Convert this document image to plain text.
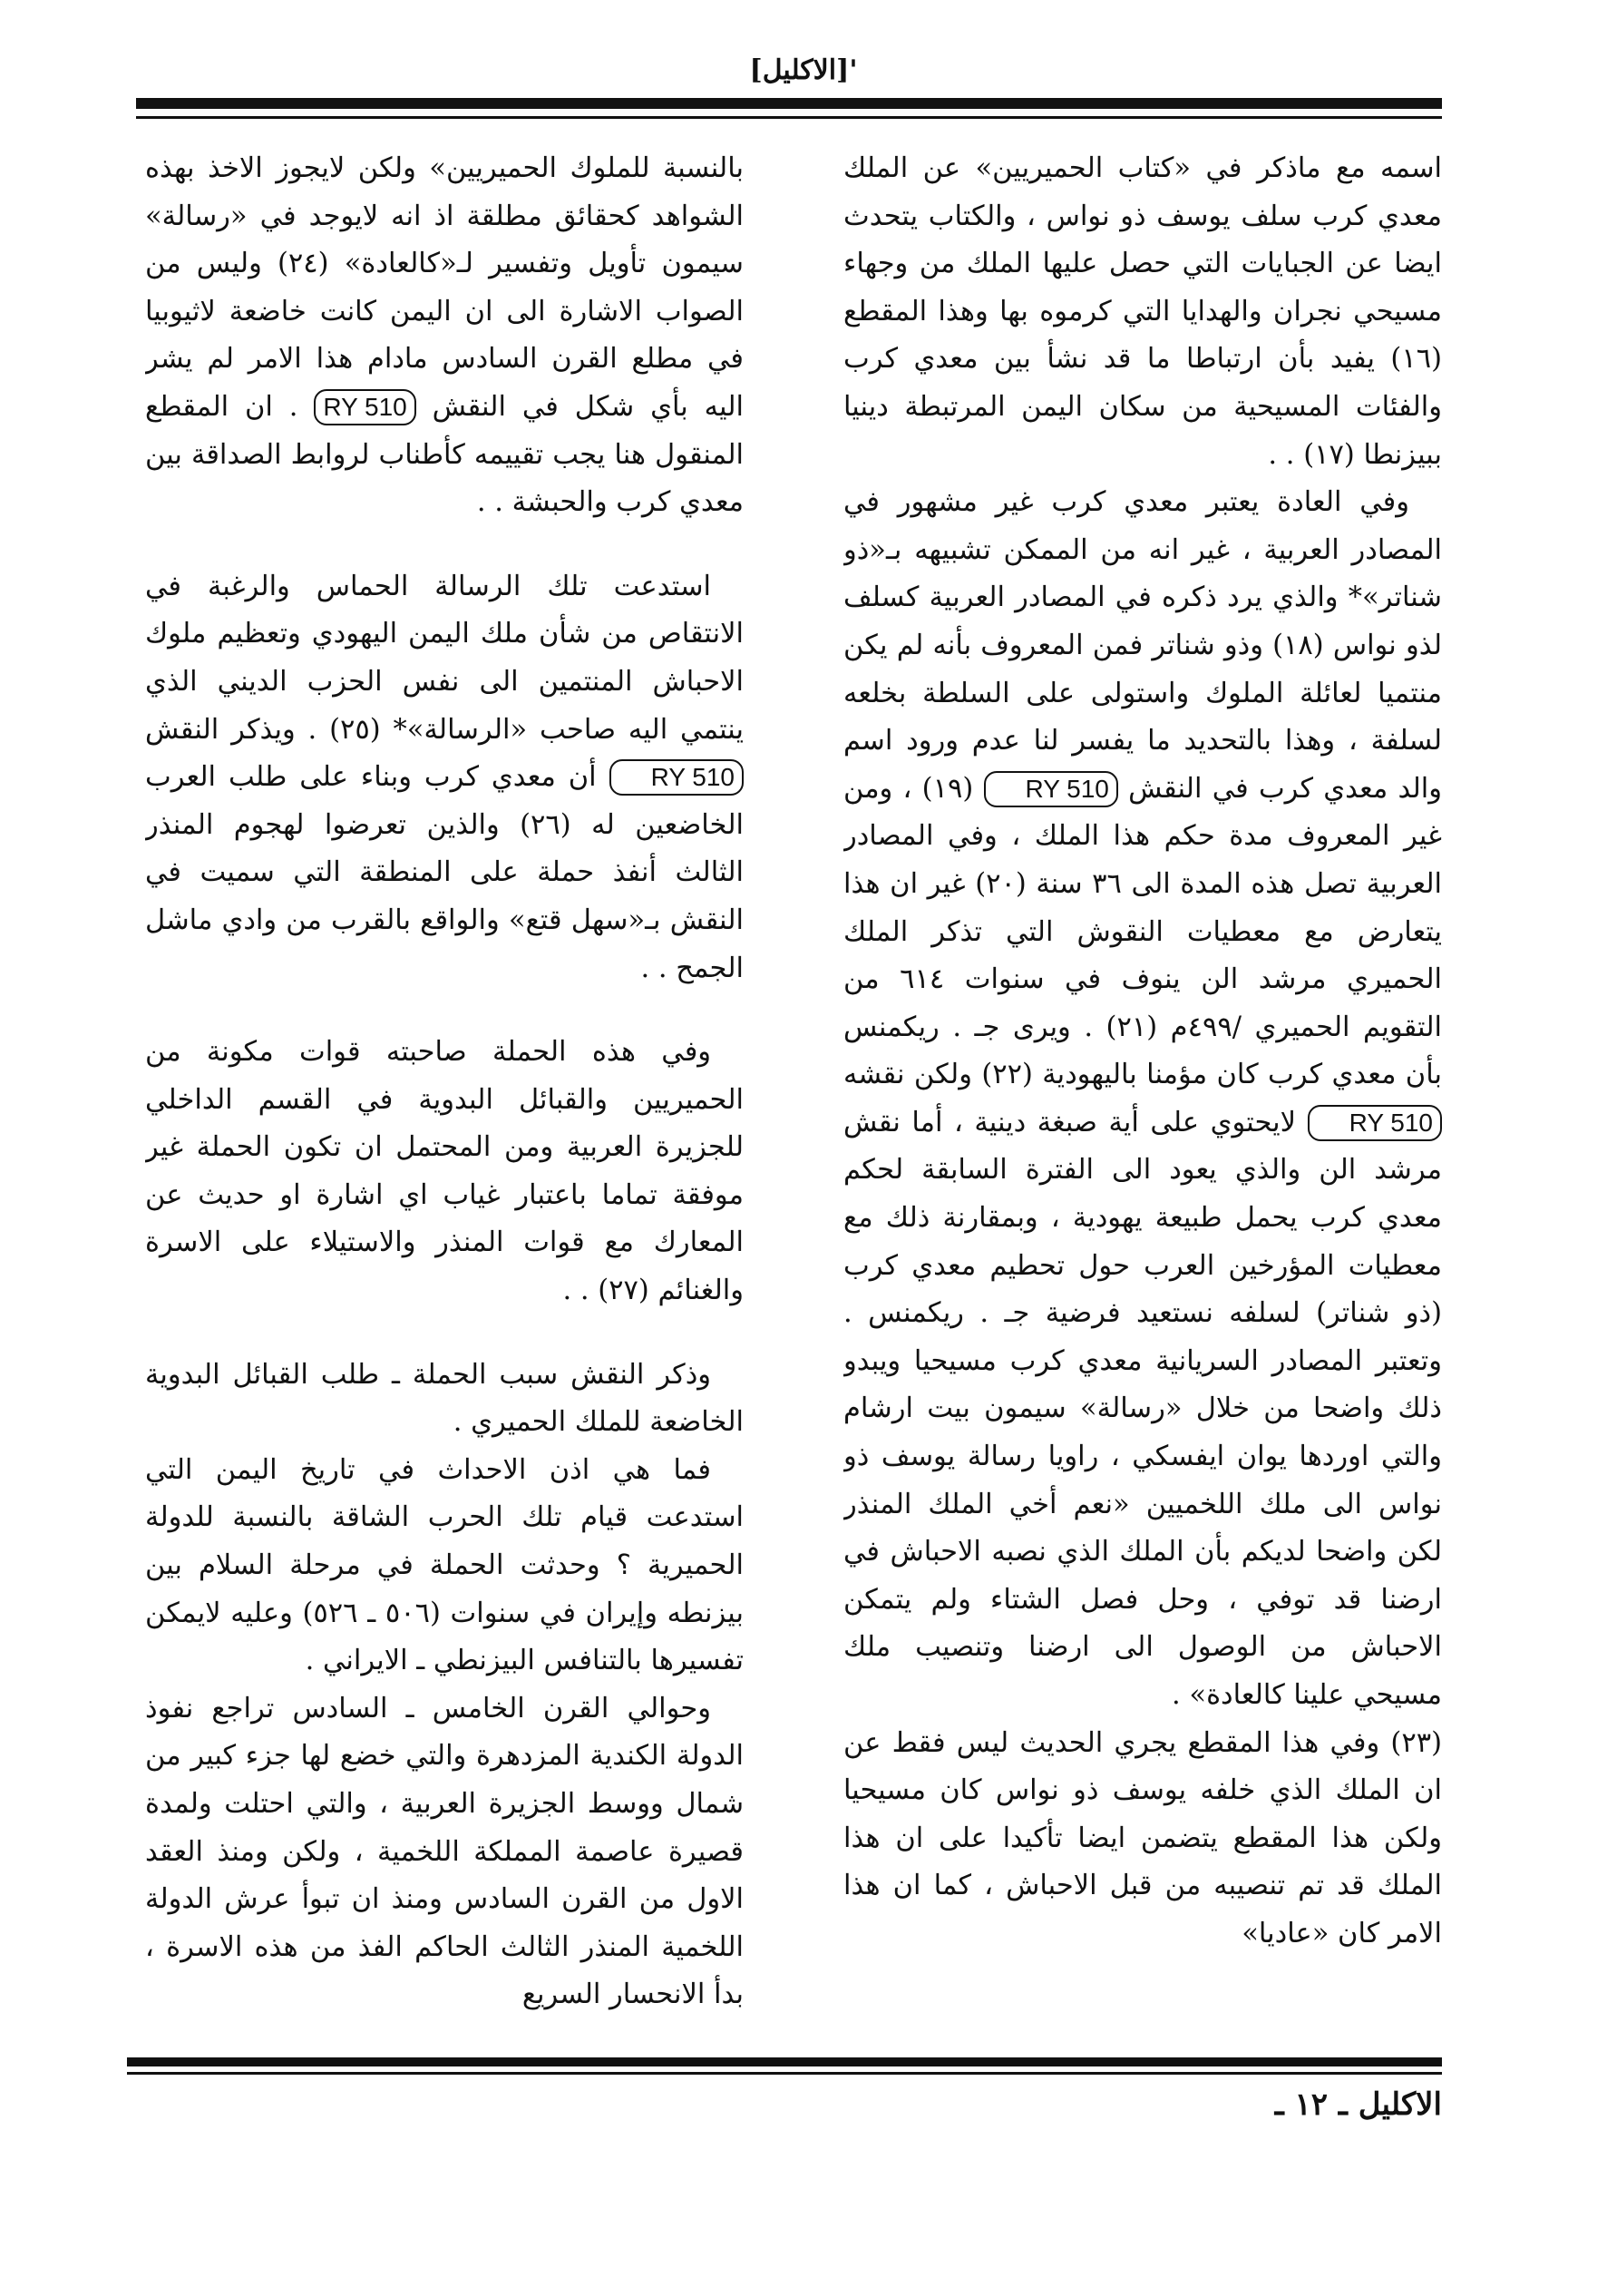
[الاكليل]'

اسمه مع ماذكر في «كتاب الحميريين» عن الملك معدي كرب سلف يوسف ذو نواس ، والكتاب يتحدث ايضا عن الجبايات التي حصل عليها الملك من وجهاء مسيحي نجران والهدايا التي كرموه بها وهذا المقطع (١٦) يفيد بأن ارتباطا ما قد نشأ بين معدي كرب والفئات المسيحية من سكان اليمن المرتبطة دينيا ببيزنطا (١٧) . .

وفي العادة يعتبر معدي كرب غير مشهور في المصادر العربية ، غير انه من الممكن تشبيهه بـ«ذو شناتر»* والذي يرد ذكره في المصادر العربية كسلف لذو نواس (١٨) وذو شناتر فمن المعروف بأنه لم يكن منتميا لعائلة الملوك واستولى على السلطة بخلعه لسلفة ، وهذا بالتحديد ما يفسر لنا عدم ورود اسم والد معدي كرب في النقش RY 510 (١٩) ، ومن غير المعروف مدة حكم هذا الملك ، وفي المصادر العربية تصل هذه المدة الى ٣٦ سنة (٢٠) غير ان هذا يتعارض مع معطيات النقوش التي تذكر الملك الحميري مرشد الن ينوف في سنوات ٦١٤ من التقويم الحميري /٤٩٩م (٢١) . ويرى جـ . ريكمنس بأن معدي كرب كان مؤمنا باليهودية (٢٢) ولكن نقشه RY 510 لايحتوي على أية صبغة دينية ، أما نقش مرشد الن والذي يعود الى الفترة السابقة لحكم معدي كرب يحمل طبيعة يهودية ، وبمقارنة ذلك مع معطيات المؤرخين العرب حول تحطيم معدي كرب (ذو شناتر) لسلفه نستعيد فرضية جـ . ريكمنس . وتعتبر المصادر السريانية معدي كرب مسيحيا ويبدو ذلك واضحا من خلال «رسالة» سيمون بيت ارشام والتي اوردها يوان ايفسكي ، راويا رسالة يوسف ذو نواس الى ملك اللخميين «نعم أخي الملك المنذر لكن واضحا لديكم بأن الملك الذي نصبه الاحباش في ارضنا قد توفي ، وحل فصل الشتاء ولم يتمكن الاحباش من الوصول الى ارضنا وتنصيب ملك مسيحي علينا كالعادة» .

(٢٣) وفي هذا المقطع يجري الحديث ليس فقط عن ان الملك الذي خلفه يوسف ذو نواس كان مسيحيا ولكن هذا المقطع يتضمن ايضا تأكيدا على ان هذا الملك قد تم تنصيبه من قبل الاحباش ، كما ان هذا الامر كان «عاديا»

بالنسبة للملوك الحميريين» ولكن لايجوز الاخذ بهذه الشواهد كحقائق مطلقة اذ انه لايوجد في «رسالة» سيمون تأويل وتفسير لـ«كالعادة» (٢٤) وليس من الصواب الاشارة الى ان اليمن كانت خاضعة لاثيوبيا في مطلع القرن السادس مادام هذا الامر لم يشر اليه بأي شكل في النقش RY 510 . ان المقطع المنقول هنا يجب تقييمه كأطناب لروابط الصداقة بين معدي كرب والحبشة . .

استدعت تلك الرسالة الحماس والرغبة في الانتقاص من شأن ملك اليمن اليهودي وتعظيم ملوك الاحباش المنتمين الى نفس الحزب الديني الذي ينتمي اليه صاحب «الرسالة»* (٢٥) . ويذكر النقش RY 510 أن معدي كرب وبناء على طلب العرب الخاضعين له (٢٦) والذين تعرضوا لهجوم المنذر الثالث أنفذ حملة على المنطقة التي سميت في النقش بـ«سهل قتع» والواقع بالقرب من وادي ماشل الجمح . .

وفي هذه الحملة صاحبته قوات مكونة من الحميريين والقبائل البدوية في القسم الداخلي للجزيرة العربية ومن المحتمل ان تكون الحملة غير موفقة تماما باعتبار غياب اي اشارة او حديث عن المعارك مع قوات المنذر والاستيلاء على الاسرة والغنائم (٢٧) . .

وذكر النقش سبب الحملة ـ طلب القبائل البدوية الخاضعة للملك الحميري .

فما هي اذن الاحداث في تاريخ اليمن التي استدعت قيام تلك الحرب الشاقة بالنسبة للدولة الحميرية ؟ وحدثت الحملة في مرحلة السلام بين بيزنطه وإيران في سنوات (٥٠٦ ـ ٥٢٦) وعليه لايمكن تفسيرها بالتنافس البيزنطي ـ الايراني .

وحوالي القرن الخامس ـ السادس تراجع نفوذ الدولة الكندية المزدهرة والتي خضع لها جزء كبير من شمال ووسط الجزيرة العربية ، والتي احتلت ولمدة قصيرة عاصمة المملكة اللخمية ، ولكن ومنذ العقد الاول من القرن السادس ومنذ ان تبوأ عرش الدولة اللخمية المنذر الثالث الحاكم الفذ من هذه الاسرة ، بدأ الانحسار السريع

الاكليل ـ ١٢ ـ
